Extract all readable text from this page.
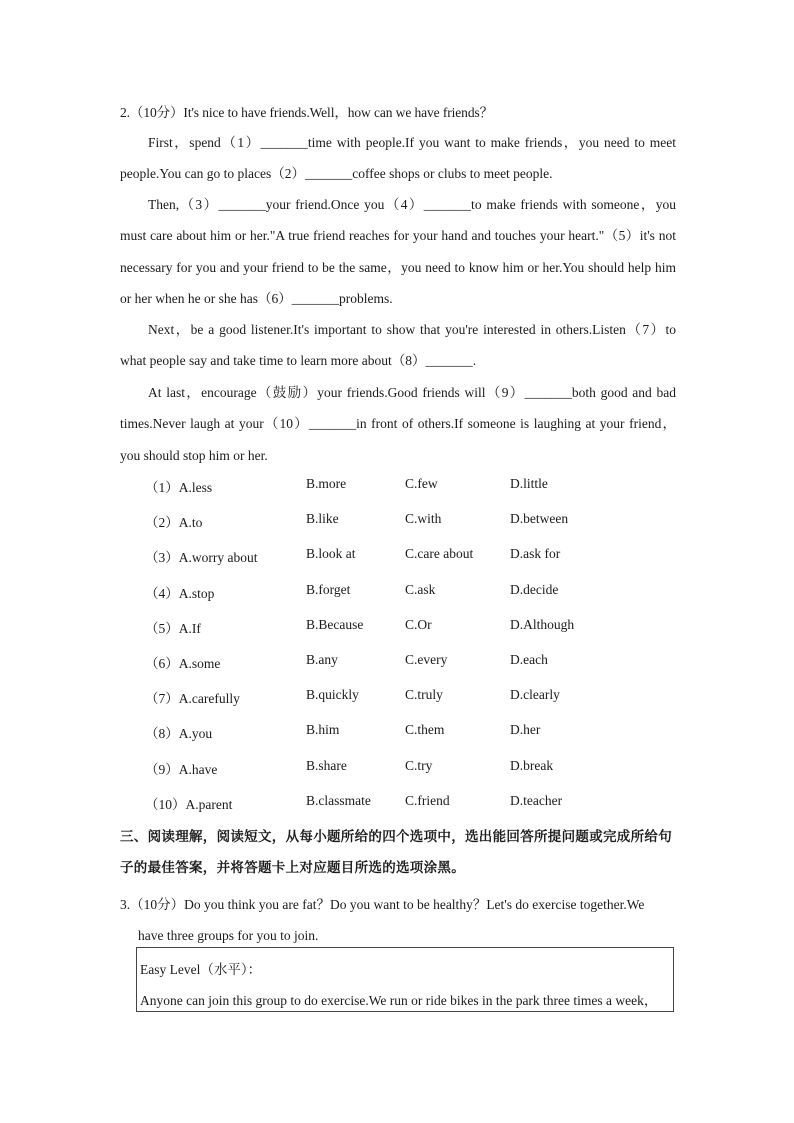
2.（10分）It's nice to have friends.Well，how can we have friends？

First，spend（1）_______time with people.If you want to make friends，you need to meet people.You can go to places（2）_______coffee shops or clubs to meet people.

Then,（3）_______your friend.Once you（4）_______to make friends with someone，you must care about him or her."A true friend reaches for your hand and touches your heart."（5）it's not necessary for you and your friend to be the same，you need to know him or her.You should help him or her when he or she has（6）_______problems.

Next，be a good listener.It's important to show that you're interested in others.Listen（7）to what people say and take time to learn more about（8）_______.

At last，encourage（鼓励）your friends.Good friends will（9）_______both good and bad times.Never laugh at your（10）_______in front of others.If someone is laughing at your friend，you should stop him or her.

（1）A.less	B.more	C.few	D.little
（2）A.to	B.like	C.with	D.between
（3）A.worry about	B.look at	C.care about	D.ask for
（4）A.stop	B.forget	C.ask	D.decide
（5）A.If	B.Because	C.Or	D.Although
（6）A.some	B.any	C.every	D.each
（7）A.carefully	B.quickly	C.truly	D.clearly
（8）A.you	B.him	C.them	D.her
（9）A.have	B.share	C.try	D.break
（10）A.parent	B.classmate	C.friend	D.teacher

三、阅读理解，阅读短文，从每小题所给的四个选项中，选出能回答所提问题或完成所给句子的最佳答案，并将答题卡上对应题目所选的选项涂黑。

3.（10分）Do you think you are fat？Do you want to be healthy？Let's do exercise together.We
have three groups for you to join.

Easy Level（水平）：
Anyone can join this group to do exercise.We run or ride bikes in the park three times a week，
